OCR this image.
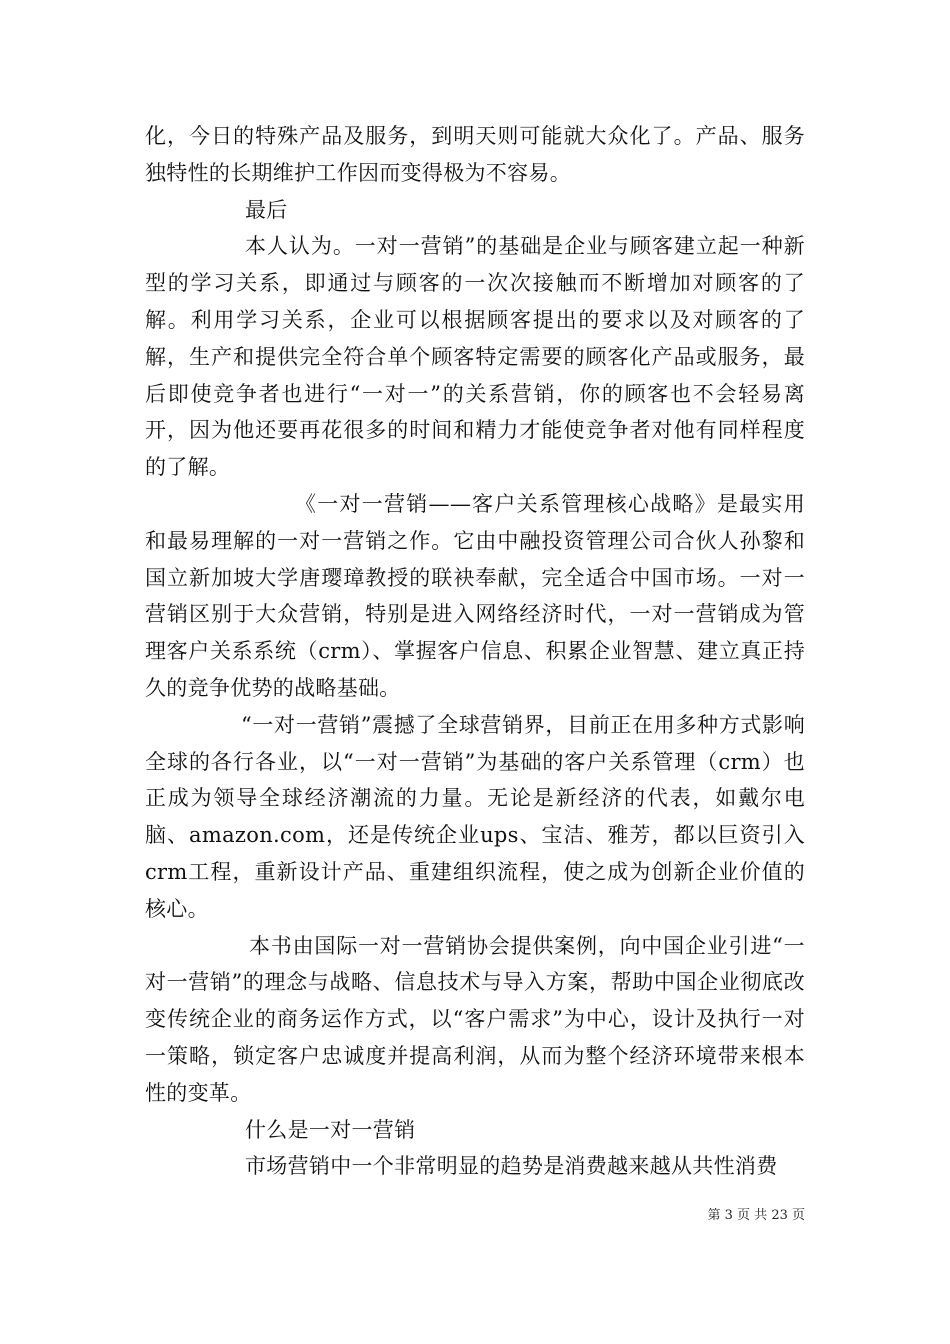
化，今日的特殊产品及服务，到明天则可能就大众化了。产品、服务独特性的长期维护工作因而变得极为不容易。

最后

本人认为。一对一营销”的基础是企业与顾客建立起一种新型的学习关系，即通过与顾客的一次次接触而不断增加对顾客的了解。利用学习关系，企业可以根据顾客提出的要求以及对顾客的了解，生产和提供完全符合单个顾客特定需要的顾客化产品或服务，最后即使竞争者也进行“一对一”的关系营销，你的顾客也不会轻易离开，因为他还要再花很多的时间和精力才能使竞争者对他有同样程度的了解。

《一对一营销——客户关系管理核心战略》是最实用和最易理解的一对一营销之作。它由中融投资管理公司合伙人孙黎和国立新加坡大学唐璎璋教授的联袂奉献，完全适合中国市场。一对一营销区别于大众营销，特别是进入网络经济时代，一对一营销成为管理客户关系系统（crm）、掌握客户信息、积累企业智慧、建立真正持久的竞争优势的战略基础。

“一对一营销”震撼了全球营销界，目前正在用多种方式影响全球的各行各业，以“一对一营销”为基础的客户关系管理（crm）也正成为领导全球经济潮流的力量。无论是新经济的代表，如戴尔电脑、amazon.com，还是传统企业ups、宝洁、雅芳，都以巨资引入crm工程，重新设计产品、重建组织流程，使之成为创新企业价值的核心。

本书由国际一对一营销协会提供案例，向中国企业引进“一对一营销”的理念与战略、信息技术与导入方案，帮助中国企业彻底改变传统企业的商务运作方式，以“客户需求”为中心，设计及执行一对一策略，锁定客户忠诚度并提高利润，从而为整个经济环境带来根本性的变革。

什么是一对一营销

市场营销中一个非常明显的趋势是消费越来越从共性消费

第 3 页 共 23 页
